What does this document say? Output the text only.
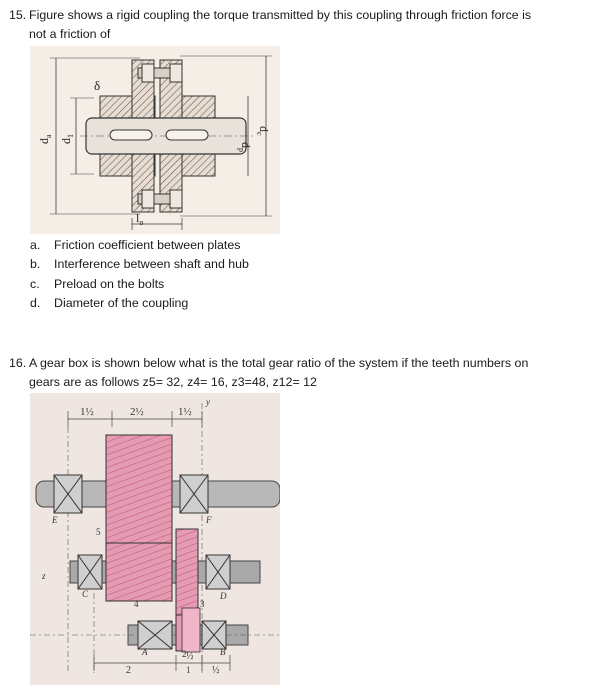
15. Figure shows a rigid coupling the torque transmitted by this coupling through friction force is
not a friction of
δ
$d_a$
$d_1$
$d_p$
$d_c$
$l_o$
a. Friction coefficient between plates
b. Interference between shaft and hub
c. Preload on the bolts
d. Diameter of the coupling
16. A gear box is shown below what is the total gear ratio of the system if the teeth numbers on
gears are as follows z5= 32, z4= 16, z3=48, z12= 12
1½	2½	1½
y
E	F
5
4	3
2
1
C	D
A	B
z
2
½
½
